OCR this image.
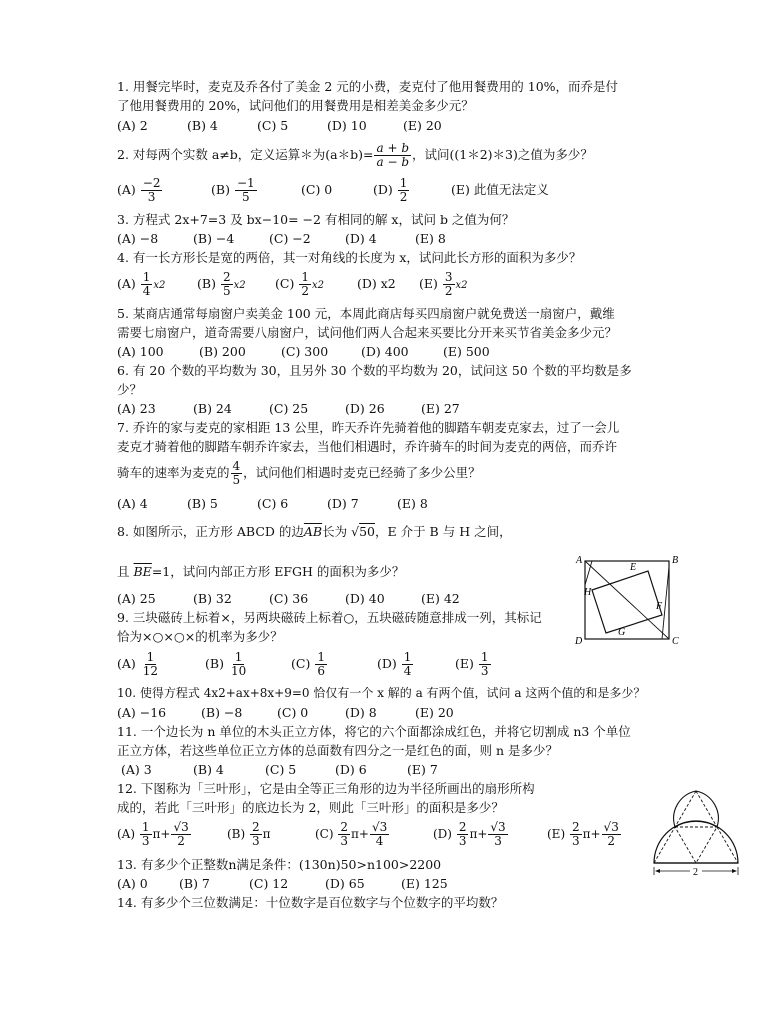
1. 用餐完毕时，麦克及乔各付了美金 2 元的小费，麦克付了他用餐费用的 10%，而乔是付
了他用餐费用的 20%，试问他们的用餐费用是相差美金多少元？
(A) 2	(B) 4	(C) 5	(D) 10	(E) 20
2. 对每两个实数 a≠b，定义运算＊为(a＊b)= $\frac{a + b}{a - b}$ ，试问((1＊2)＊3)之值为多少？
$(A) \frac{-2}{3}$	$(B) \frac{-1}{5}$	(C) 0	$(D) \frac{1}{2}$	(E) 此值无法定义
3. 方程式 2x+7=3 及 bx−10= −2 有相同的解 x，试问 b 之值为何？
(A) −8	(B) −4	(C) −2	(D) 4	(E) 8
4. 有一长方形长是宽的两倍，其一对角线的长度为 x，试问此长方形的面积为多少？
$(A) \frac{1}{4} x2$	$(B) \frac{2}{5} x2$ $(C) \frac{1}{2} x2$	(D) x2 $(E) \frac{3}{2} x2$
5. 某商店通常每扇窗户卖美金 100 元，本周此商店每买四扇窗户就免费送一扇窗户，戴维
需要七扇窗户，道奇需要八扇窗户，试问他们两人合起来买要比分开来买节省美金多少元？
(A) 100	(B) 200	(C) 300	(D) 400	(E) 500
6. 有 20 个数的平均数为 30，且另外 30 个数的平均数为 20，试问这 50 个数的平均数是多
少？
(A) 23	(B) 24	(C) 25	(D) 26	(E) 27
7. 乔许的家与麦克的家相距 13 公里，昨天乔许先骑着他的脚踏车朝麦克家去，过了一会儿
麦克才骑着他的脚踏车朝乔许家去，当他们相遇时，乔许骑车的时间为麦克的两倍，而乔许
骑车的速率为麦克的 $\frac{4}{5}$ ，试问他们相遇时麦克已经骑了多少公里？
(A) 4	(B) 5	(C) 6	(D) 7	(E) 8
8. 如图所示，正方形 ABCD 的边$\overline{AB}$长为 √50，E 介于 B 与 H 之间，
且 $\overline{BE}=1$，试问内部正方形 EFGH 的面积为多少？
(A) 25	(B) 32	(C) 36	(D) 40	(E) 42
A	B
C
D
E
F
G
H
9. 三块磁砖上标着×，另两块磁砖上标着○，五块磁砖随意排成一列，其标记
恰为×○×○×的机率为多少？
$(A) \frac{1}{12}$	$(B) \frac{1}{10}$	$(C) \frac{1}{6}$	$(D) \frac{1}{4}$	$(E) \frac{1}{3}$
10. 使得方程式 4x2+ax+8x+9=0 恰仅有一个 x 解的 a 有两个值，试问 a 这两个值的和是多少？
(A) −16	(B) −8	(C) 0	(D) 8	(E) 20
11. 一个边长为 n 单位的木头正立方体，将它的六个面都涂成红色，并将它切割成 n3 个单位
正立方体，若这些单位正立方体的总面数有四分之一是红色的面，则 n 是多少？
(A) 3	(B) 4	(C) 5	(D) 6	(E) 7
12. 下图称为「三叶形」，它是由全等正三角形的边为半径所画出的扇形所构
成的，若此「三叶形」的底边长为 2，则此「三叶形」的面积是多少？
$(A) \frac{1}{3} \pi+ \frac{√3}{2}$	$(B) \frac{2}{3}$ π	$(C) \frac{2}{3} \pi+ \frac{√3}{4}$	$(D) \frac{2}{3} \pi+ \frac{√3}{3}$	$(E) \frac{2}{3} \pi+ \frac{√3}{2}$
2
13. 有多少个正整数n满足条件：(130n)50>n100>2200
(A) 0	(B) 7	(C) 12	(D) 65	(E) 125
14. 有多少个三位数满足：十位数字是百位数字与个位数字的平均数？
